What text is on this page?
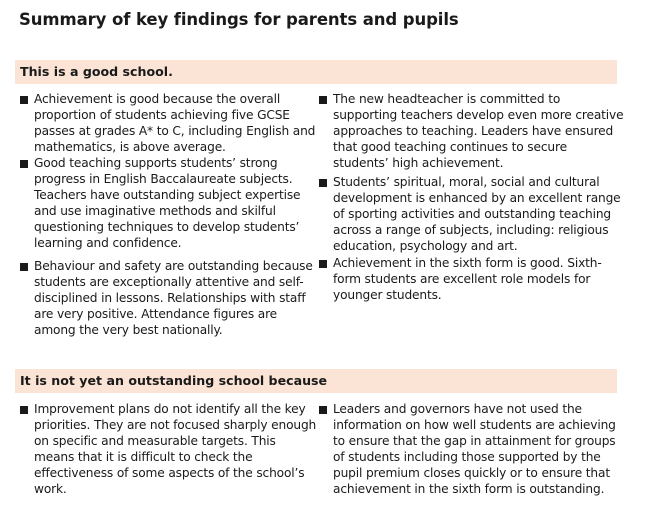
Summary of key findings for parents and pupils
This is a good school.
Achievement is good because the overall proportion of students achieving five GCSE passes at grades A* to C, including English and mathematics, is above average.
Good teaching supports students’ strong progress in English Baccalaureate subjects. Teachers have outstanding subject expertise and use imaginative methods and skilful questioning techniques to develop students’ learning and confidence.
Behaviour and safety are outstanding because students are exceptionally attentive and self-disciplined in lessons. Relationships with staff are very positive. Attendance figures are among the very best nationally.
The new headteacher is committed to supporting teachers develop even more creative approaches to teaching. Leaders have ensured that good teaching continues to secure students’ high achievement.
Students’ spiritual, moral, social and cultural development is enhanced by an excellent range of sporting activities and outstanding teaching across a range of subjects, including: religious education, psychology and art.
Achievement in the sixth form is good. Sixth-form students are excellent role models for younger students.
It is not yet an outstanding school because
Improvement plans do not identify all the key priorities. They are not focused sharply enough on specific and measurable targets. This means that it is difficult to check the effectiveness of some aspects of the school’s work.
Leaders and governors have not used the information on how well students are achieving to ensure that the gap in attainment for groups of students including those supported by the pupil premium closes quickly or to ensure that achievement in the sixth form is outstanding.
